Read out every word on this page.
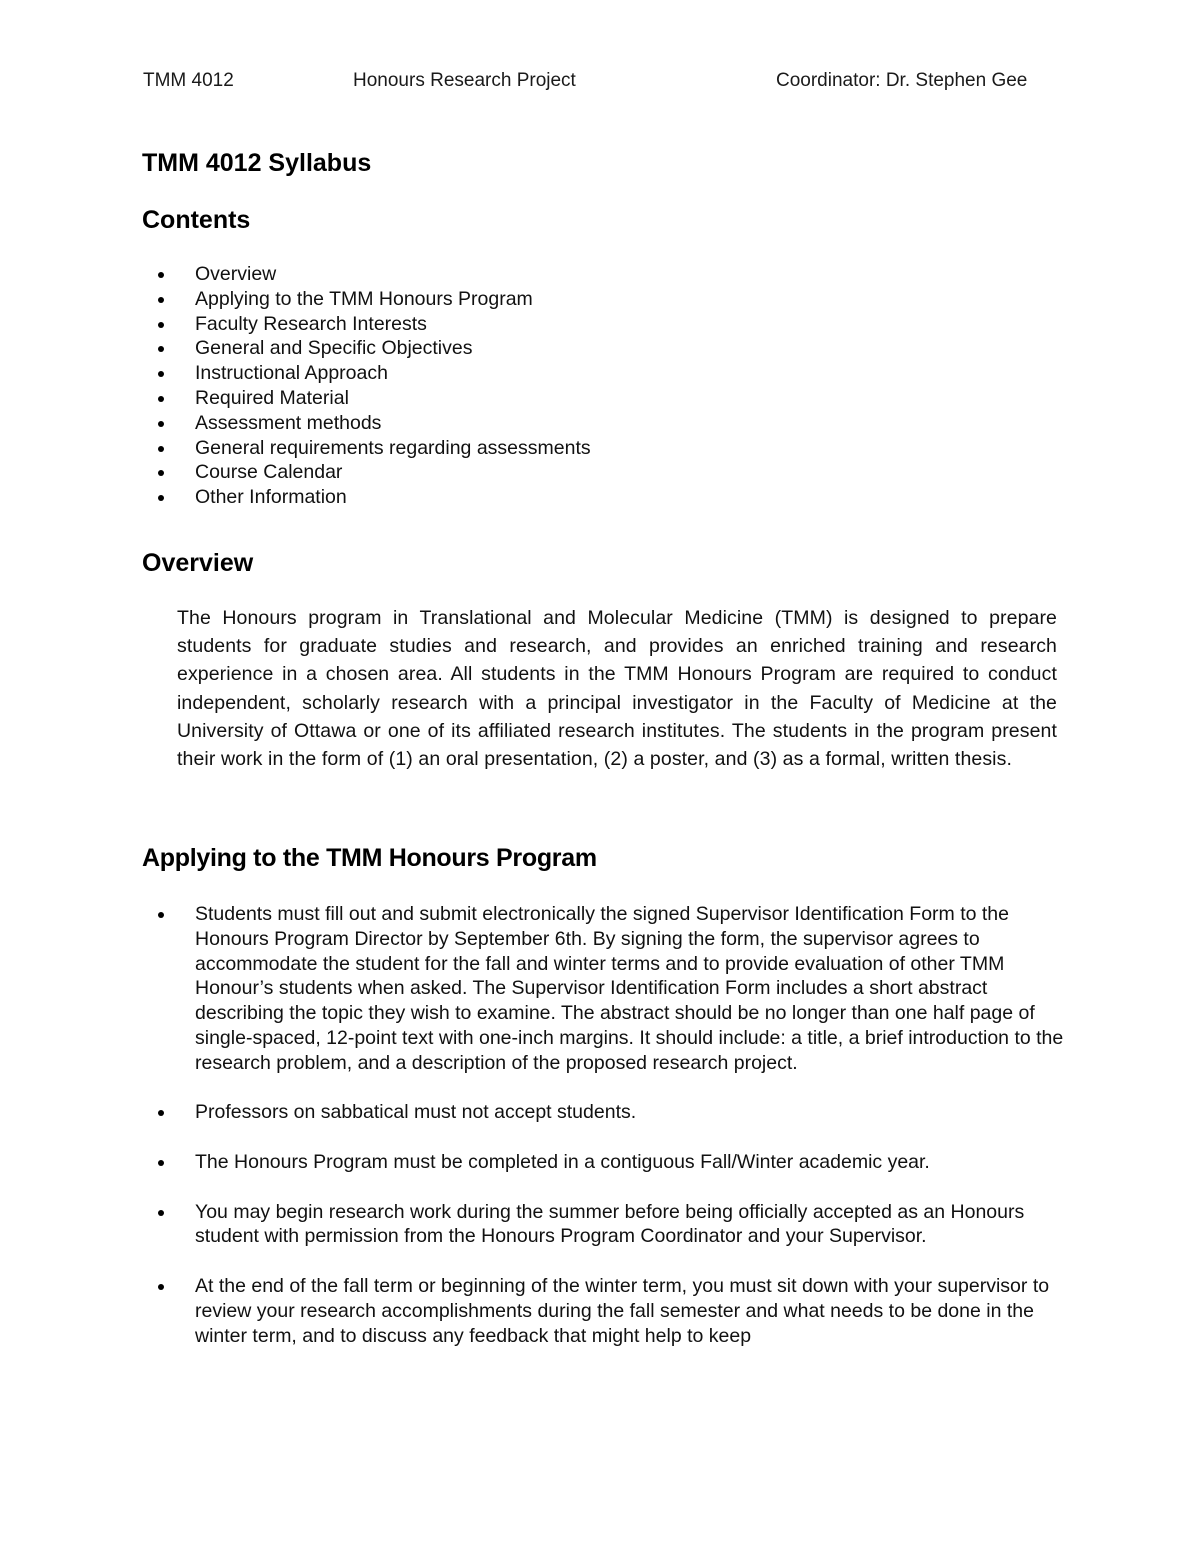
TMM 4012	Honours Research Project	Coordinator: Dr. Stephen Gee
TMM 4012 Syllabus
Contents
Overview
Applying to the TMM Honours Program
Faculty Research Interests
General and Specific Objectives
Instructional Approach
Required Material
Assessment methods
General requirements regarding assessments
Course Calendar
Other Information
Overview

The Honours program in Translational and Molecular Medicine (TMM) is designed to prepare students for graduate studies and research, and provides an enriched training and research experience in a chosen area. All students in the TMM Honours Program are required to conduct independent, scholarly research with a principal investigator in the Faculty of Medicine at the University of Ottawa or one of its affiliated research institutes. The students in the program present their work in the form of (1) an oral presentation, (2) a poster, and (3) as a formal, written thesis.

Applying to the TMM Honours Program
Students must fill out and submit electronically the signed Supervisor Identification Form to the Honours Program Director by September 6th. By signing the form, the supervisor agrees to accommodate the student for the fall and winter terms and to provide evaluation of other TMM Honour’s students when asked. The Supervisor Identification Form includes a short abstract describing the topic they wish to examine. The abstract should be no longer than one half page of single-spaced, 12-point text with one-inch margins. It should include: a title, a brief introduction to the research problem, and a description of the proposed research project.
Professors on sabbatical must not accept students.
The Honours Program must be completed in a contiguous Fall/Winter academic year.
You may begin research work during the summer before being officially accepted as an Honours student with permission from the Honours Program Coordinator and your Supervisor.
At the end of the fall term or beginning of the winter term, you must sit down with your supervisor to review your research accomplishments during the fall semester and what needs to be done in the winter term, and to discuss any feedback that might help to keep
